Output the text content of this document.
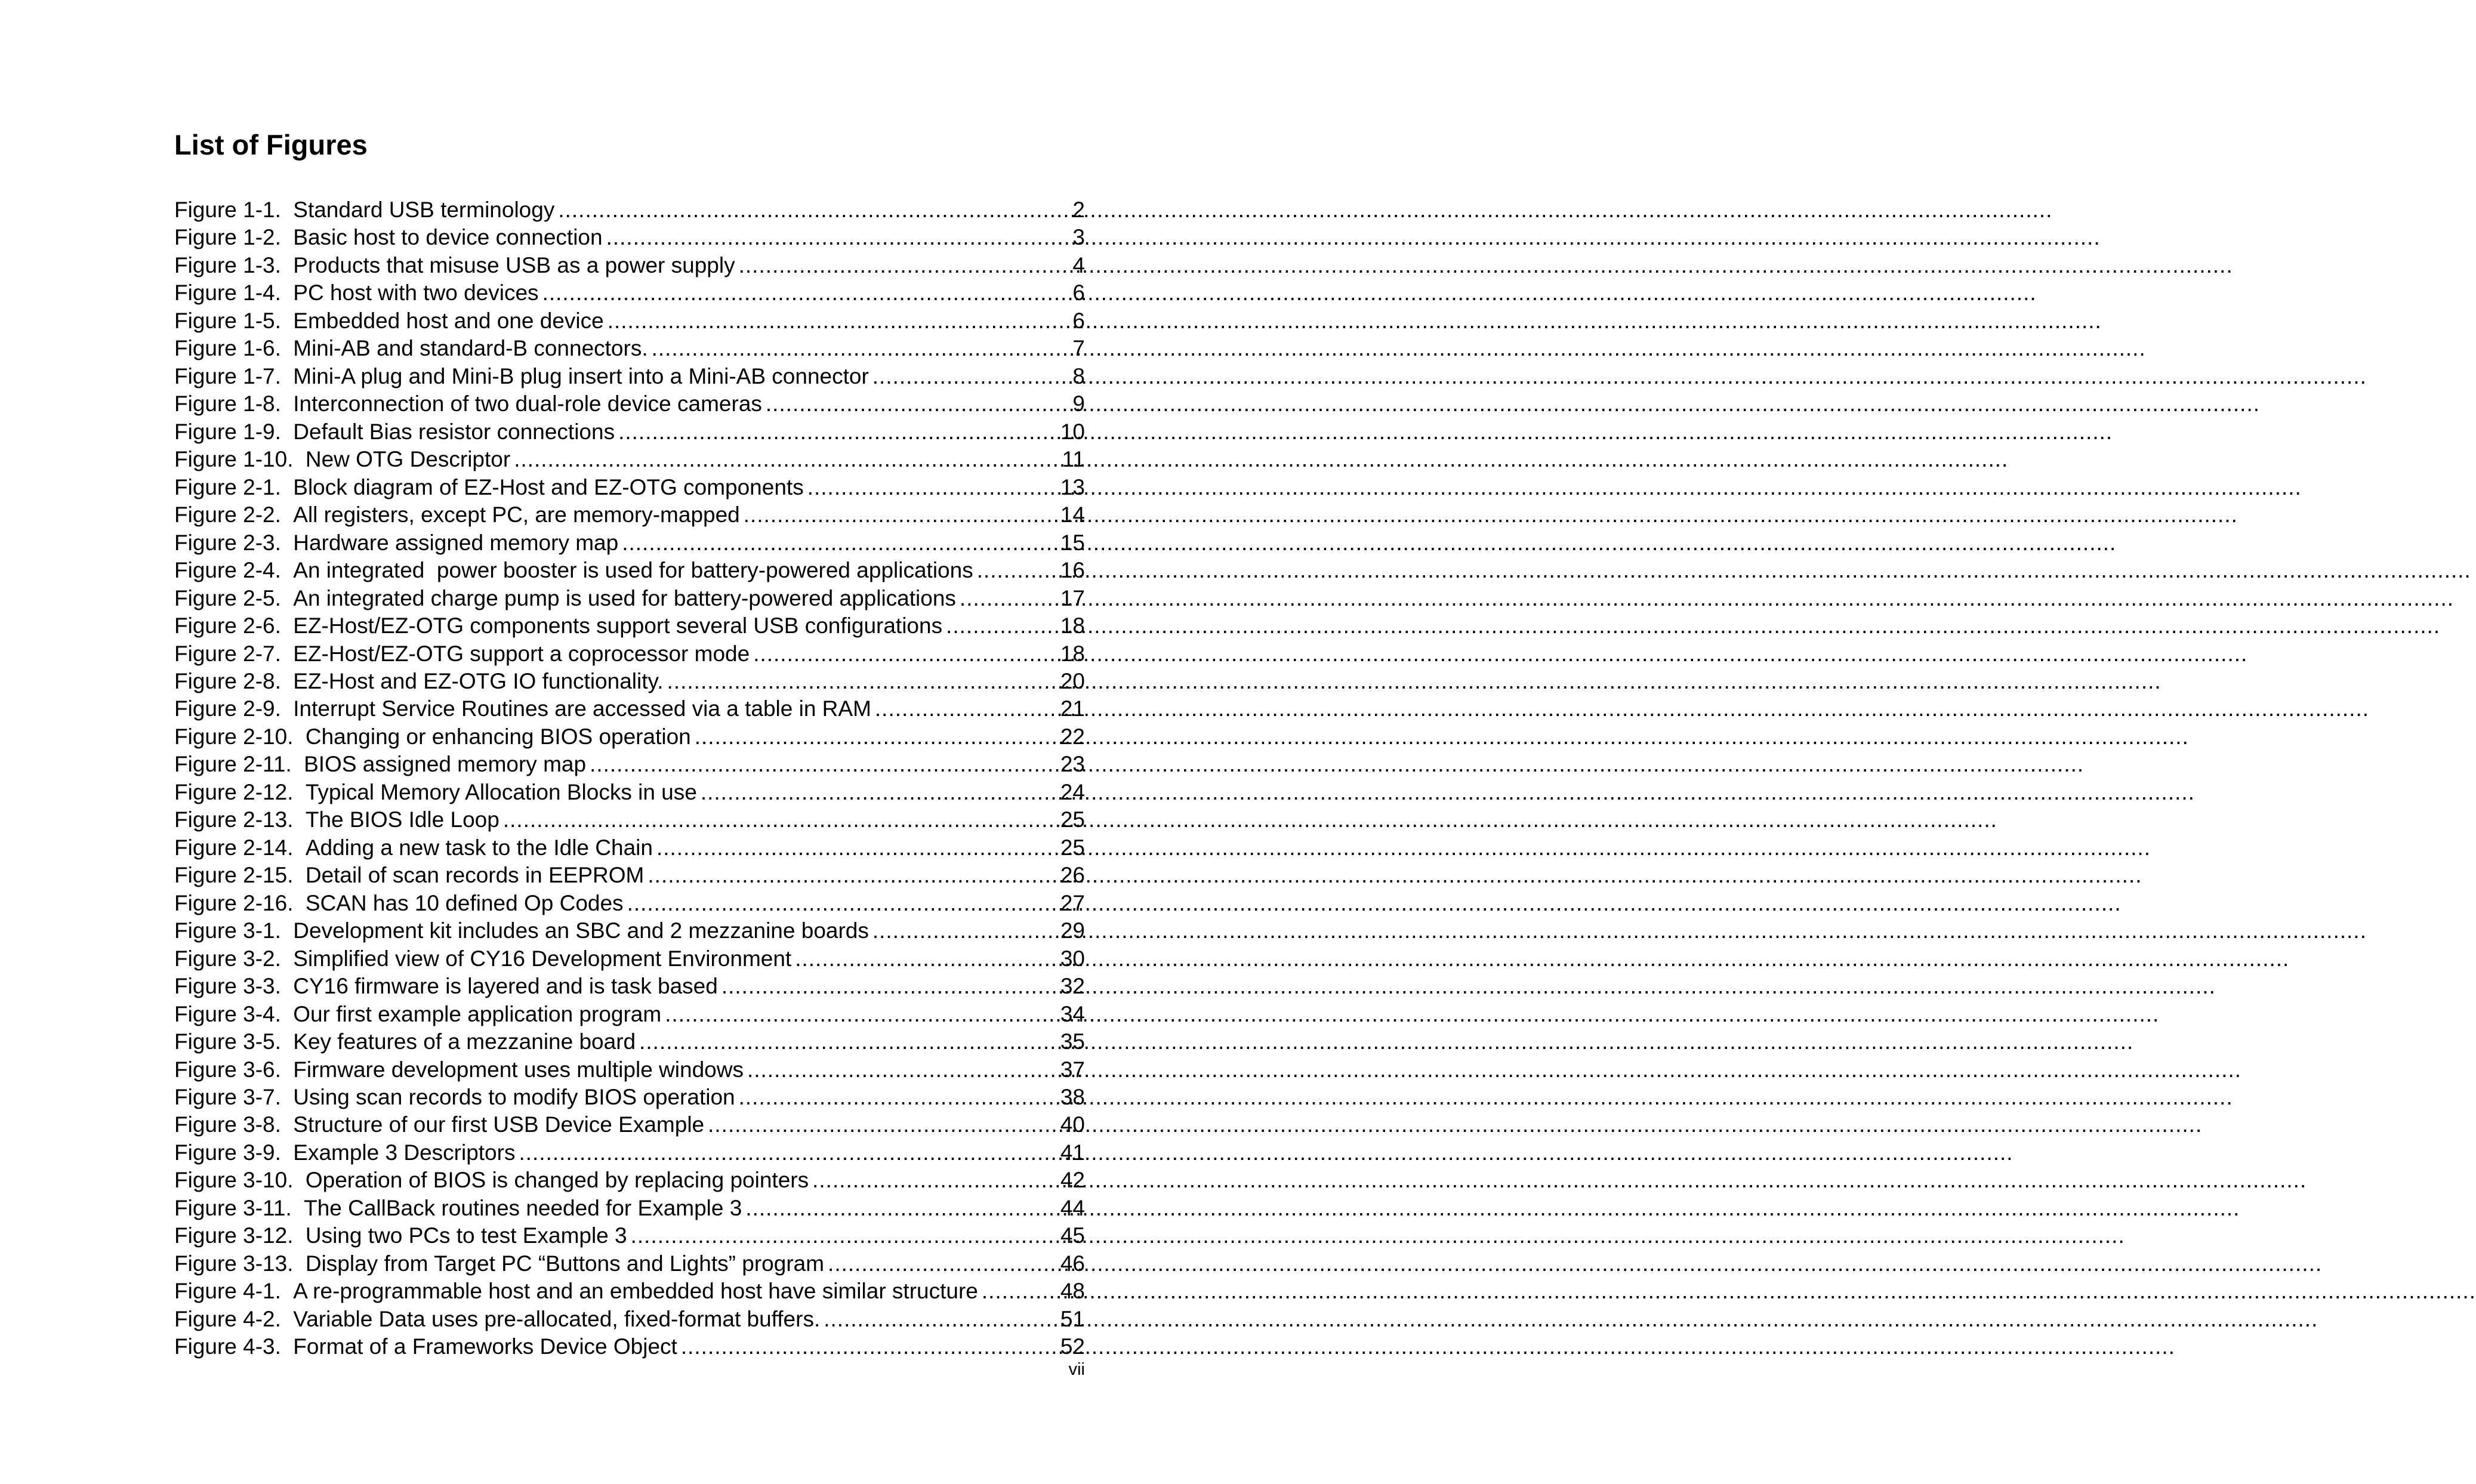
List of Figures
Figure 1-1. Standard USB terminology .....	2
Figure 1-2. Basic host to device connection .....	3
Figure 1-3. Products that misuse USB as a power supply .....	4
Figure 1-4. PC host with two devices .....	6
Figure 1-5. Embedded host and one device .....	6
Figure 1-6. Mini-AB and standard-B connectors. .....	7
Figure 1-7. Mini-A plug and Mini-B plug insert into a Mini-AB connector .....	8
Figure 1-8. Interconnection of two dual-role device cameras .....	9
Figure 1-9. Default Bias resistor connections .....	10
Figure 1-10. New OTG Descriptor .....	11
Figure 2-1. Block diagram of EZ-Host and EZ-OTG components .....	13
Figure 2-2. All registers, except PC, are memory-mapped .....	14
Figure 2-3. Hardware assigned memory map .....	15
Figure 2-4. An integrated  power booster is used for battery-powered applications .....	16
Figure 2-5. An integrated charge pump is used for battery-powered applications .....	17
Figure 2-6. EZ-Host/EZ-OTG components support several USB configurations .....	18
Figure 2-7. EZ-Host/EZ-OTG support a coprocessor mode .....	18
Figure 2-8. EZ-Host and EZ-OTG IO functionality. .....	20
Figure 2-9. Interrupt Service Routines are accessed via a table in RAM .....	21
Figure 2-10. Changing or enhancing BIOS operation .....	22
Figure 2-11. BIOS assigned memory map .....	23
Figure 2-12. Typical Memory Allocation Blocks in use .....	24
Figure 2-13. The BIOS Idle Loop .....	25
Figure 2-14. Adding a new task to the Idle Chain .....	25
Figure 2-15. Detail of scan records in EEPROM .....	26
Figure 2-16. SCAN has 10 defined Op Codes .....	27
Figure 3-1. Development kit includes an SBC and 2 mezzanine boards .....	29
Figure 3-2. Simplified view of CY16 Development Environment .....	30
Figure 3-3. CY16 firmware is layered and is task based .....	32
Figure 3-4. Our first example application program .....	34
Figure 3-5. Key features of a mezzanine board .....	35
Figure 3-6. Firmware development uses multiple windows .....	37
Figure 3-7. Using scan records to modify BIOS operation .....	38
Figure 3-8. Structure of our first USB Device Example .....	40
Figure 3-9. Example 3 Descriptors .....	41
Figure 3-10. Operation of BIOS is changed by replacing pointers .....	42
Figure 3-11. The CallBack routines needed for Example 3 .....	44
Figure 3-12. Using two PCs to test Example 3 .....	45
Figure 3-13. Display from Target PC “Buttons and Lights” program .....	46
Figure 4-1. A re-programmable host and an embedded host have similar structure .....	48
Figure 4-2. Variable Data uses pre-allocated, fixed-format buffers. .....	51
Figure 4-3. Format of a Frameworks Device Object .....	52
vii
